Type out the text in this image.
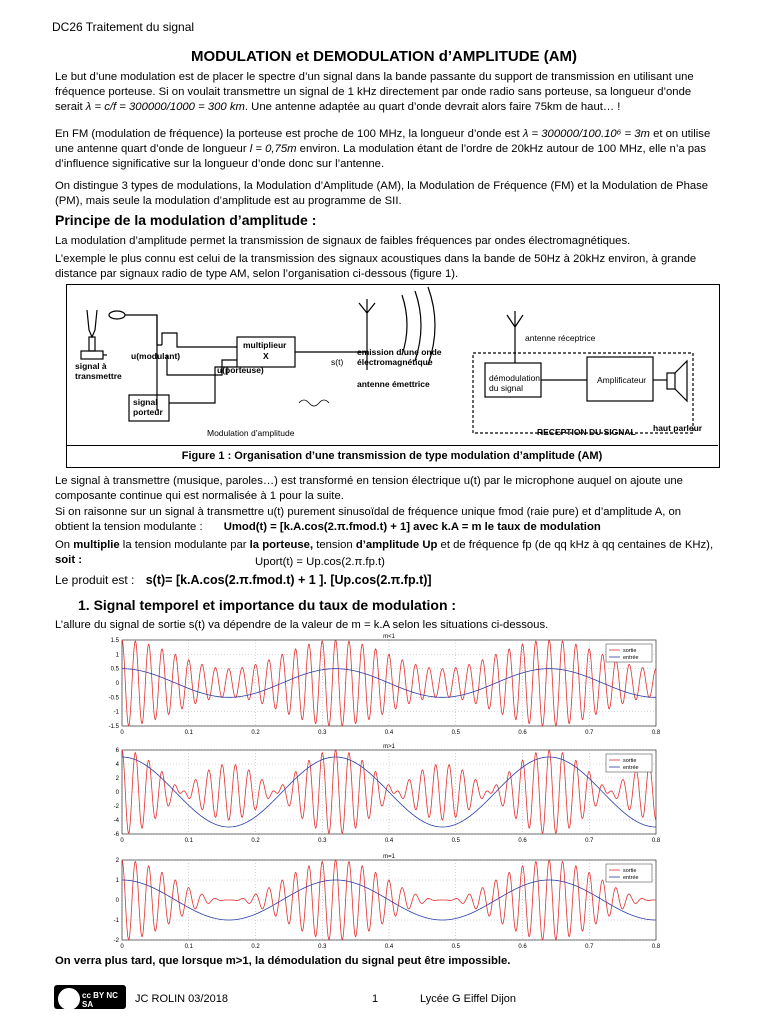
DC26 Traitement du signal
MODULATION et DEMODULATION d’AMPLITUDE (AM)
Le but d’une modulation est de placer le spectre d’un signal dans la bande passante du support de transmission en utilisant une fréquence porteuse. Si on voulait transmettre un signal de 1 kHz directement par onde radio sans porteuse, sa longueur d’onde serait λ = c/f = 300000/1000 = 300 km. Une antenne adaptée au quart d’onde devrait alors faire 75km de haut… !
En FM (modulation de fréquence) la porteuse est proche de 100 MHz, la longueur d’onde est λ = 300000/100.10⁶ = 3m et on utilise une antenne quart d’onde de longueur l = 0,75m environ. La modulation étant de l’ordre de 20kHz autour de 100 MHz, elle n’a pas d’influence significative sur la longueur d’onde donc sur l’antenne.
On distingue 3 types de modulations, la Modulation d’Amplitude (AM), la Modulation de Fréquence (FM) et la Modulation de Phase (PM), mais seule la modulation d’amplitude est au programme de SII.
Principe de la modulation d’amplitude :
La modulation d’amplitude permet la transmission de signaux de faibles fréquences par ondes électromagnétiques.
L’exemple le plus connu est celui de la transmission des signaux acoustiques dans la bande de 50Hz à 20kHz environ, à grande distance par signaux radio de type AM, selon l’organisation ci-dessous (figure 1).
signal à transmettre
u(modulant)
multiplieur
X
u(porteuse)
s(t)
signal porteur
Modulation d’amplitude
emission d’une onde électromagnétique
antenne émettrice
antenne réceptrice
démodulation du signal
Amplificateur
RECEPTION DU SIGNAL haut parleur
Figure 1 : Organisation d’une transmission de type modulation d’amplitude (AM)
Le signal à transmettre (musique, paroles…) est transformé en tension électrique u(t) par le microphone auquel on ajoute une composante continue qui est normalisée à 1 pour la suite.
Si on raisonne sur un signal à transmettre u(t) purement sinusoïdal de fréquence unique fmod (raie pure) et d’amplitude A, on obtient la tension modulante : Umod(t) = [k.A.cos(2.π.fmod.t) + 1] avec k.A = m le taux de modulation
On multiplie la tension modulante par la porteuse, tension d’amplitude Up et de fréquence fp (de qq kHz à qq centaines de KHz), soit :	Uport(t) = Up.cos(2.π.fp.t)
Le produit est : s(t)= [k.A.cos(2.π.fmod.t) + 1 ]. [Up.cos(2.π.fp.t)]
1. Signal temporel et importance du taux de modulation :
L’allure du signal de sortie s(t) va dépendre de la valeur de m = k.A selon les situations ci-dessous.
m<1
-1.5
-1
-0.5
0
0.5
1
1.5
0	0.1	0.2	0.3	0.4	0.5	0.6	0.7	0.8
sortie
entrée
m>1
-6
-4
-2
0
2
4
6
0	0.1	0.2	0.3	0.4	0.5	0.6	0.7	0.8
sortie
entrée
m=1
-2
-1
0
1
2
0	0.1	0.2	0.3	0.4	0.5	0.6	0.7	0.8
sortie
entrée
On verra plus tard, que lorsque m>1, la démodulation du signal peut être impossible.
cc BY NC SA	JC ROLIN 03/2018	1	Lycée G Eiffel Dijon
